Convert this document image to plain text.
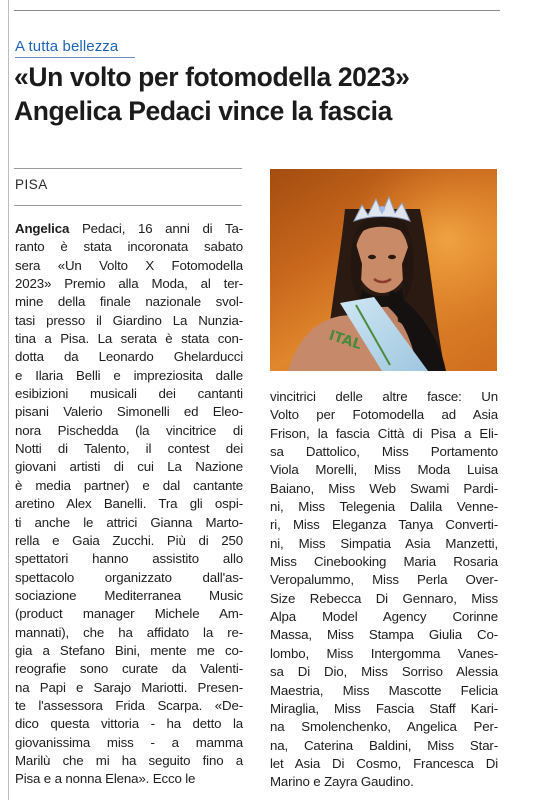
A tutta bellezza
«Un volto per fotomodella 2023»
Angelica Pedaci vince la fascia
PISA
ITAL
Angelica Pedaci, 16 anni di Ta-
ranto è stata incoronata sabato
sera «Un Volto X Fotomodella
2023» Premio alla Moda, al ter-
mine della finale nazionale svol-
tasi presso il Giardino La Nunzia-
tina a Pisa. La serata è stata con-
dotta da Leonardo Ghelarducci
e Ilaria Belli e impreziosita dalle
esibizioni musicali dei cantanti
pisani Valerio Simonelli ed Eleo-
nora Pischedda (la vincitrice di
Notti di Talento, il contest dei
giovani artisti di cui La Nazione
è media partner) e dal cantante
aretino Alex Banelli. Tra gli ospi-
ti anche le attrici Gianna Marto-
rella e Gaia Zucchi. Più di 250
spettatori hanno assistito allo
spettacolo organizzato dall'as-
sociazione Mediterranea Music
(product manager Michele Am-
mannati), che ha affidato la re-
gia a Stefano Bini, mente me co-
reografie sono curate da Valenti-
na Papi e Sarajo Mariotti. Presen-
te l'assessora Frida Scarpa. «De-
dico questa vittoria - ha detto la
giovanissima miss - a mamma
Marilù che mi ha seguito fino a
Pisa e a nonna Elena». Ecco le
vincitrici delle altre fasce: Un
Volto per Fotomodella ad Asia
Frison, la fascia Città di Pisa a Eli-
sa Dattolico, Miss Portamento
Viola Morelli, Miss Moda Luisa
Baiano, Miss Web Swami Pardi-
ni, Miss Telegenia Dalila Venne-
ri, Miss Eleganza Tanya Converti-
ni, Miss Simpatia Asia Manzetti,
Miss Cinebooking Maria Rosaria
Veropalummo, Miss Perla Over-
Size Rebecca Di Gennaro, Miss
Alpa Model Agency Corinne
Massa, Miss Stampa Giulia Co-
lombo, Miss Intergomma Vanes-
sa Di Dio, Miss Sorriso Alessia
Maestria, Miss Mascotte Felicia
Miraglia, Miss Fascia Staff Kari-
na Smolenchenko, Angelica Per-
na, Caterina Baldini, Miss Star-
let Asia Di Cosmo, Francesca Di
Marino e Zayra Gaudino.
